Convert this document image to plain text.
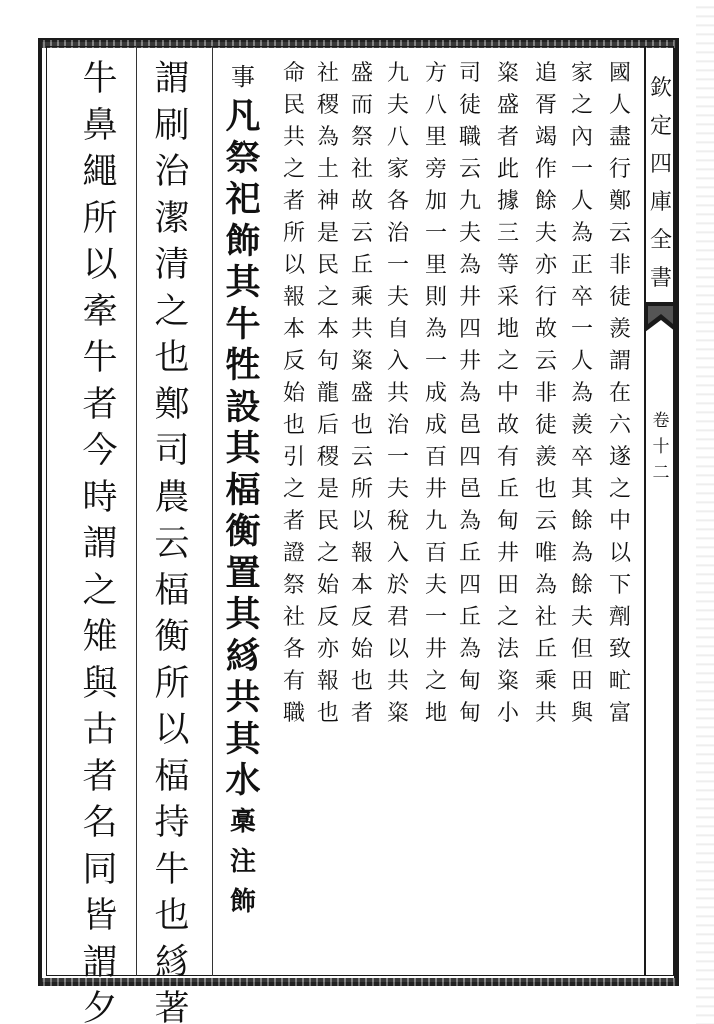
欽
定
四
庫
全
書
卷
十
二
國
人
盡
行
鄭
云
非
徒
羨
謂
在
六
遂
之
中
以
下
劑
致
甿
富
家
之
內
一
人
為
正
卒
一
人
為
羨
卒
其
餘
為
餘
夫
但
田
與
追
胥
竭
作
餘
夫
亦
行
故
云
非
徒
羨
也
云
唯
為
社
丘
乘
共
粢
盛
者
此
據
三
等
采
地
之
中
故
有
丘
甸
井
田
之
法
粢
小
司
徒
職
云
九
夫
為
井
四
井
為
邑
四
邑
為
丘
四
丘
為
甸
甸
方
八
里
旁
加
一
里
則
為
一
成
成
百
井
九
百
夫
一
井
之
地
九
夫
八
家
各
治
一
夫
自
入
共
治
一
夫
稅
入
於
君
以
共
粢
盛
而
祭
社
故
云
丘
乘
共
粢
盛
也
云
所
以
報
本
反
始
也
者
社
稷
為
土
神
是
民
之
本
句
龍
后
稷
是
民
之
始
反
亦
報
也
命
民
共
之
者
所
以
報
本
反
始
也
引
之
者
證
祭
社
各
有
職
事
凡
祭
祀
飾
其
牛
牲
設
其
楅
衡
置
其
絼
共
其
水
槀
注
飾
謂
刷
治
潔
清
之
也
鄭
司
農
云
楅
衡
所
以
楅
持
牛
也
絼
著
牛
鼻
繩
所
以
牽
牛
者
今
時
謂
之
雉
與
古
者
名
同
皆
謂
夕
